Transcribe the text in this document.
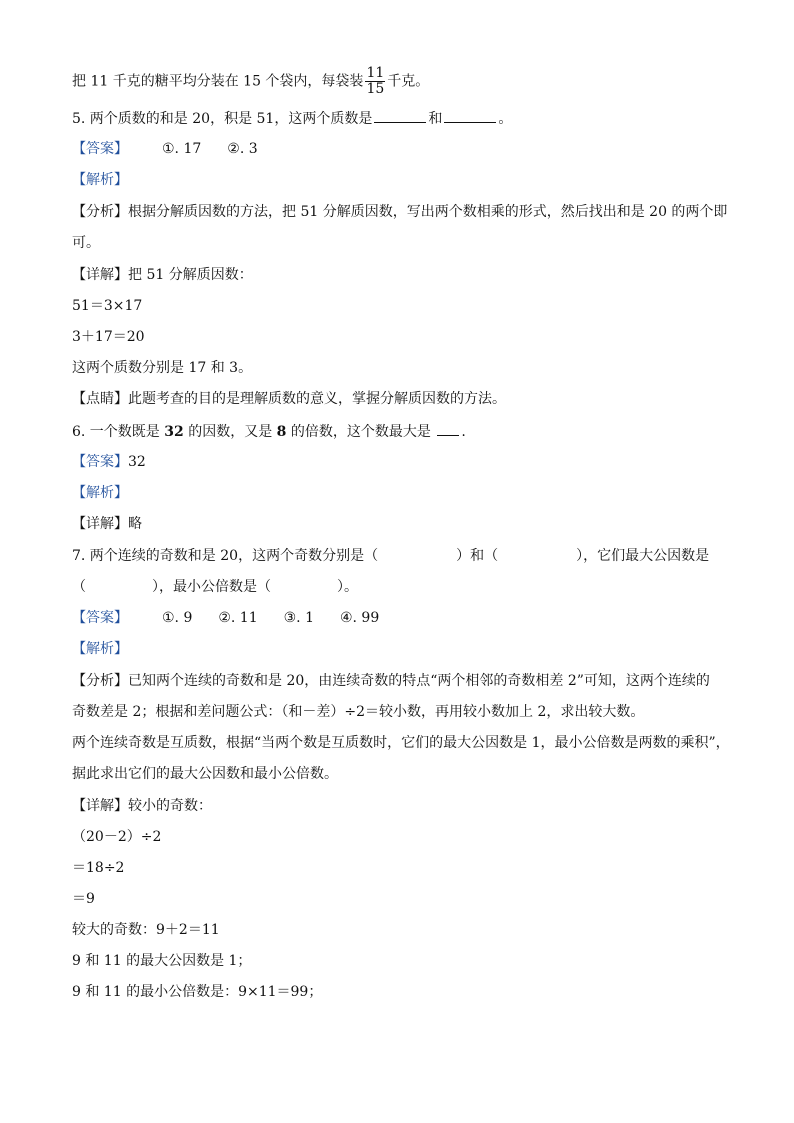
把 11 千克的糖平均分装在 15 个袋内，每袋装 $\frac{11}{15}$ 千克。
5. 两个质数的和是 20，积是 51，这两个质数是	和	。
【答案】 ①. 17 ②. 3
【解析】
【分析】根据分解质因数的方法，把 51 分解质因数，写出两个数相乘的形式，然后找出和是 20 的两个即
可。
【详解】把 51 分解质因数：
51＝3×17
3＋17＝20
这两个质数分别是 17 和 3。
【点睛】此题考查的目的是理解质数的意义，掌握分解质因数的方法。
6. 一个数既是 32 的因数，又是 8 的倍数，这个数最大是 .
【答案】32
【解析】
【详解】略
7. 两个连续的奇数和是 20，这两个奇数分别是（	）和（	），它们最大公因数是
（	），最小公倍数是（	）。
【答案】 ①. 9 ②. 11 ③. 1 ④. 99
【解析】
【分析】已知两个连续的奇数和是 20，由连续奇数的特点“两个相邻的奇数相差 2”可知，这两个连续的
奇数差是 2；根据和差问题公式：（和－差）÷2＝较小数，再用较小数加上 2，求出较大数。
两个连续奇数是互质数，根据“当两个数是互质数时，它们的最大公因数是 1，最小公倍数是两数的乘积”，
据此求出它们的最大公因数和最小公倍数。
【详解】较小的奇数：
（20－2）÷2
＝18÷2
＝9
较大的奇数：9＋2＝11
9 和 11 的最大公因数是 1；
9 和 11 的最小公倍数是：9×11＝99；
